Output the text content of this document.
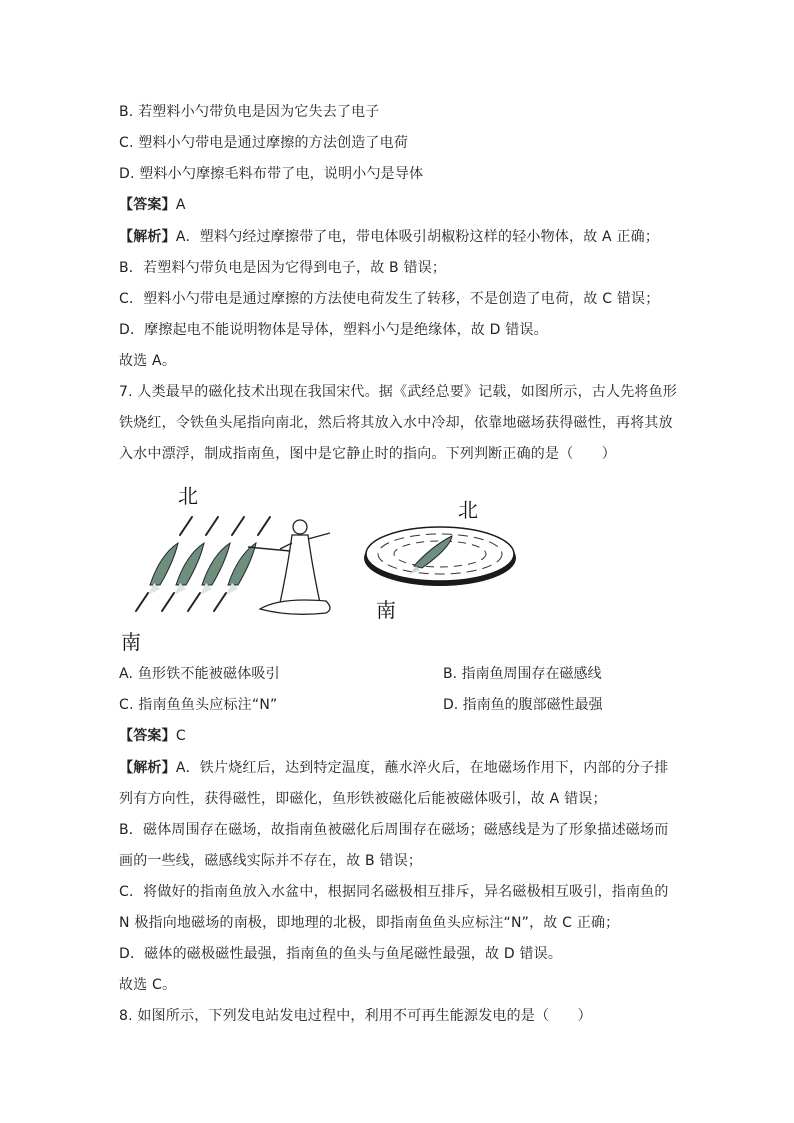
B. 若塑料小勺带负电是因为它失去了电子
C. 塑料小勺带电是通过摩擦的方法创造了电荷
D. 塑料小勺摩擦毛料布带了电，说明小勺是导体
【答案】A
【解析】A．塑料勺经过摩擦带了电，带电体吸引胡椒粉这样的轻小物体，故 A 正确；
B．若塑料勺带负电是因为它得到电子，故 B 错误；
C．塑料小勺带电是通过摩擦的方法使电荷发生了转移，不是创造了电荷，故 C 错误；
D．摩擦起电不能说明物体是导体，塑料小勺是绝缘体，故 D 错误。
故选 A。
7. 人类最早的磁化技术出现在我国宋代。据《武经总要》记载，如图所示，古人先将鱼形
铁烧红，令铁鱼头尾指向南北，然后将其放入水中冷却，依靠地磁场获得磁性，再将其放
入水中漂浮，制成指南鱼，图中是它静止时的指向。下列判断正确的是（　　）
北
南
北
南
A. 鱼形铁不能被磁体吸引	B. 指南鱼周围存在磁感线
C. 指南鱼鱼头应标注“N”	D. 指南鱼的腹部磁性最强
【答案】C
【解析】A．铁片烧红后，达到特定温度，蘸水淬火后，在地磁场作用下，内部的分子排
列有方向性，获得磁性，即磁化，鱼形铁被磁化后能被磁体吸引，故 A 错误；
B．磁体周围存在磁场，故指南鱼被磁化后周围存在磁场；磁感线是为了形象描述磁场而
画的一些线，磁感线实际并不存在，故 B 错误；
C．将做好的指南鱼放入水盆中，根据同名磁极相互排斥，异名磁极相互吸引，指南鱼的
N 极指向地磁场的南极，即地理的北极，即指南鱼鱼头应标注“N”，故 C 正确；
D．磁体的磁极磁性最强，指南鱼的鱼头与鱼尾磁性最强，故 D 错误。
故选 C。
8. 如图所示，下列发电站发电过程中，利用不可再生能源发电的是（　　）
